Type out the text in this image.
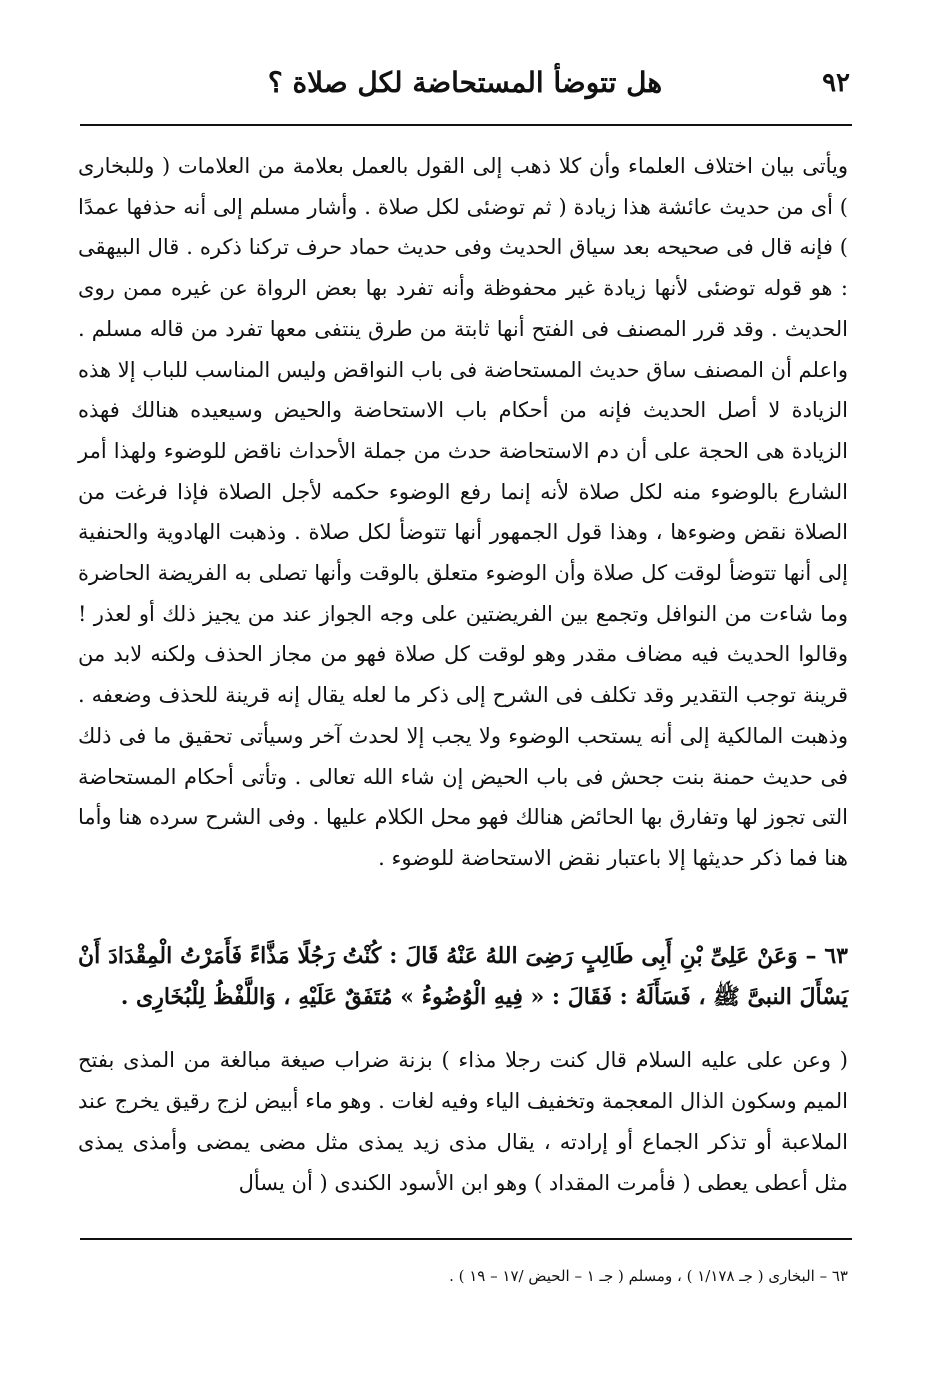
٩٢
هل تتوضأ المستحاضة لكل صلاة ؟
ويأتى بيان اختلاف العلماء وأن كلا ذهب إلى القول بالعمل بعلامة من العلامات ( وللبخارى ) أى من حديث عائشة هذا زيادة ( ثم توضئى لكل صلاة . وأشار مسلم إلى أنه حذفها عمدًا ) فإنه قال فى صحيحه بعد سياق الحديث وفى حديث حماد حرف تركنا ذكره . قال البيهقى : هو قوله توضئى لأنها زيادة غير محفوظة وأنه تفرد بها بعض الرواة عن غيره ممن روى الحديث . وقد قرر المصنف فى الفتح أنها ثابتة من طرق ينتفى معها تفرد من قاله مسلم . واعلم أن المصنف ساق حديث المستحاضة فى باب النواقض وليس المناسب للباب إلا هذه الزيادة لا أصل الحديث فإنه من أحكام باب الاستحاضة والحيض وسيعيده هنالك فهذه الزيادة هى الحجة على أن دم الاستحاضة حدث من جملة الأحداث ناقض للوضوء ولهذا أمر الشارع بالوضوء منه لكل صلاة لأنه إنما رفع الوضوء حكمه لأجل الصلاة فإذا فرغت من الصلاة نقض وضوءها ، وهذا قول الجمهور أنها تتوضأ لكل صلاة . وذهبت الهادوية والحنفية إلى أنها تتوضأ لوقت كل صلاة وأن الوضوء متعلق بالوقت وأنها تصلى به الفريضة الحاضرة وما شاءت من النوافل وتجمع بين الفريضتين على وجه الجواز عند من يجيز ذلك أو لعذر ! وقالوا الحديث فيه مضاف مقدر وهو لوقت كل صلاة فهو من مجاز الحذف ولكنه لابد من قرينة توجب التقدير وقد تكلف فى الشرح إلى ذكر ما لعله يقال إنه قرينة للحذف وضعفه . وذهبت المالكية إلى أنه يستحب الوضوء ولا يجب إلا لحدث آخر وسيأتى تحقيق ما فى ذلك فى حديث حمنة بنت جحش فى باب الحيض إن شاء الله تعالى . وتأتى أحكام المستحاضة التى تجوز لها وتفارق بها الحائض هنالك فهو محل الكلام عليها . وفى الشرح سرده هنا وأما هنا فما ذكر حديثها إلا باعتبار نقض الاستحاضة للوضوء .
٦٣ – وَعَنْ عَلِىِّ بْنِ أَبِى طَالِبٍ رَضِىَ اللهُ عَنْهُ قَالَ : كُنْتُ رَجُلًا مَذَّاءً فَأَمَرْتُ الْمِقْدَادَ أَنْ يَسْأَلَ النبىَّ ﷺ ، فَسَأَلَهُ : فَقَالَ : « فِيهِ الْوُضُوءُ » مُتَفَقٌ عَلَيْهِ ، وَاللَّفْظُ لِلْبُخَارِى .
( وعن على عليه السلام قال كنت رجلا مذاء ) بزنة ضراب صيغة مبالغة من المذى بفتح الميم وسكون الذال المعجمة وتخفيف الياء وفيه لغات . وهو ماء أبيض لزج رقيق يخرج عند الملاعبة أو تذكر الجماع أو إرادته ، يقال مذى زيد يمذى مثل مضى يمضى وأمذى يمذى مثل أعطى يعطى ( فأمرت المقداد ) وهو ابن الأسود الكندى ( أن يسأل
٦٣ – البخارى ( جـ ١/١٧٨ ) ، ومسلم ( جـ ١ – الحيض /١٧ – ١٩ ) .
